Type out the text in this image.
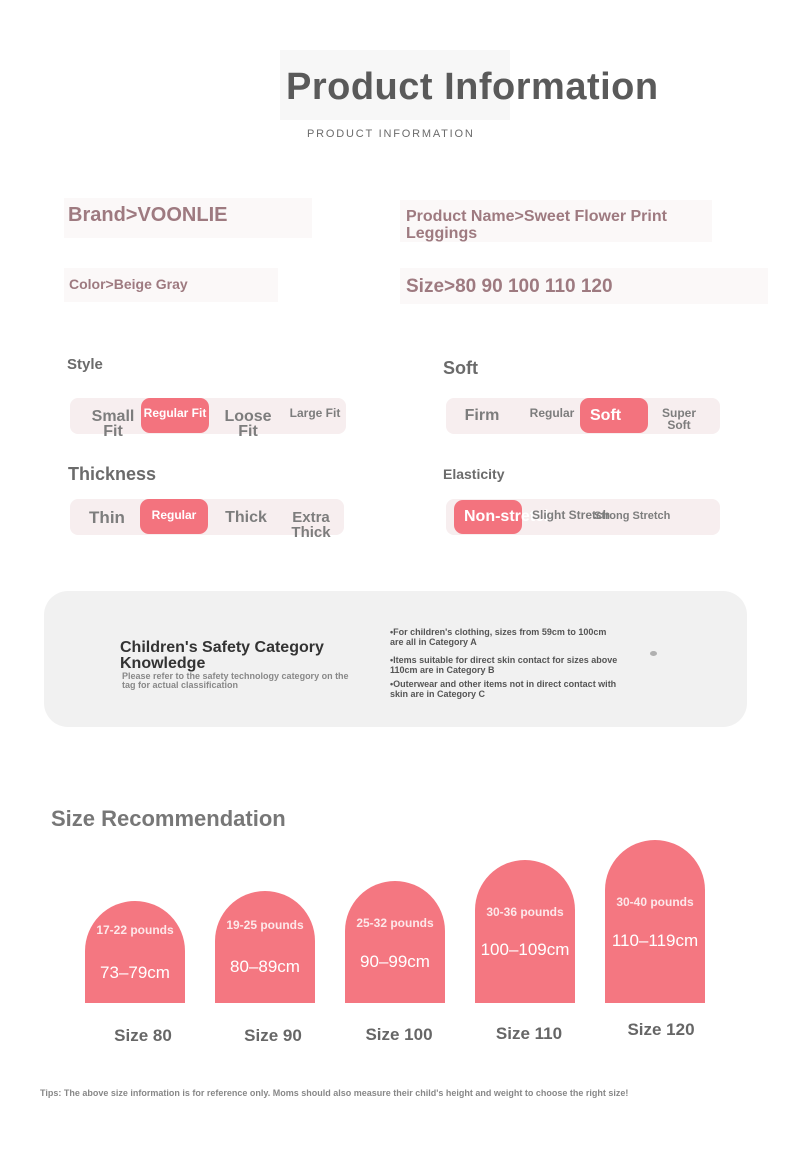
Product Information
PRODUCT INFORMATION
Brand>VOONLIE	Product Name>Sweet Flower Print Leggings
Color>Beige Gray	Size>80 90 100 110 120
Style
Small Fit
Regular Fit Loose Fit
Large Fit
Soft
Firm	Regular Soft	Super Soft
Thickness
Thin	Regular	Thick	Extra Thick
Elasticity
Non-stretch
Slight Stretch
Strong Stretch
Children's Safety Category Knowledge
Please refer to the safety technology category on the tag for actual classification
•For children's clothing, sizes from 59cm to 100cm are all in Category A
•Items suitable for direct skin contact for sizes above 110cm are in Category B
•Outerwear and other items not in direct contact with skin are in Category C
Size Recommendation
17-22 pounds
73–79cm
19-25 pounds
80–89cm
25-32 pounds
90–99cm
30-36 pounds
100–109cm
30-40 pounds
110–119cm
Size 80	Size 90	Size 100	Size 110	Size 120
Tips: The above size information is for reference only. Moms should also measure their child's height and weight to choose the right size!
